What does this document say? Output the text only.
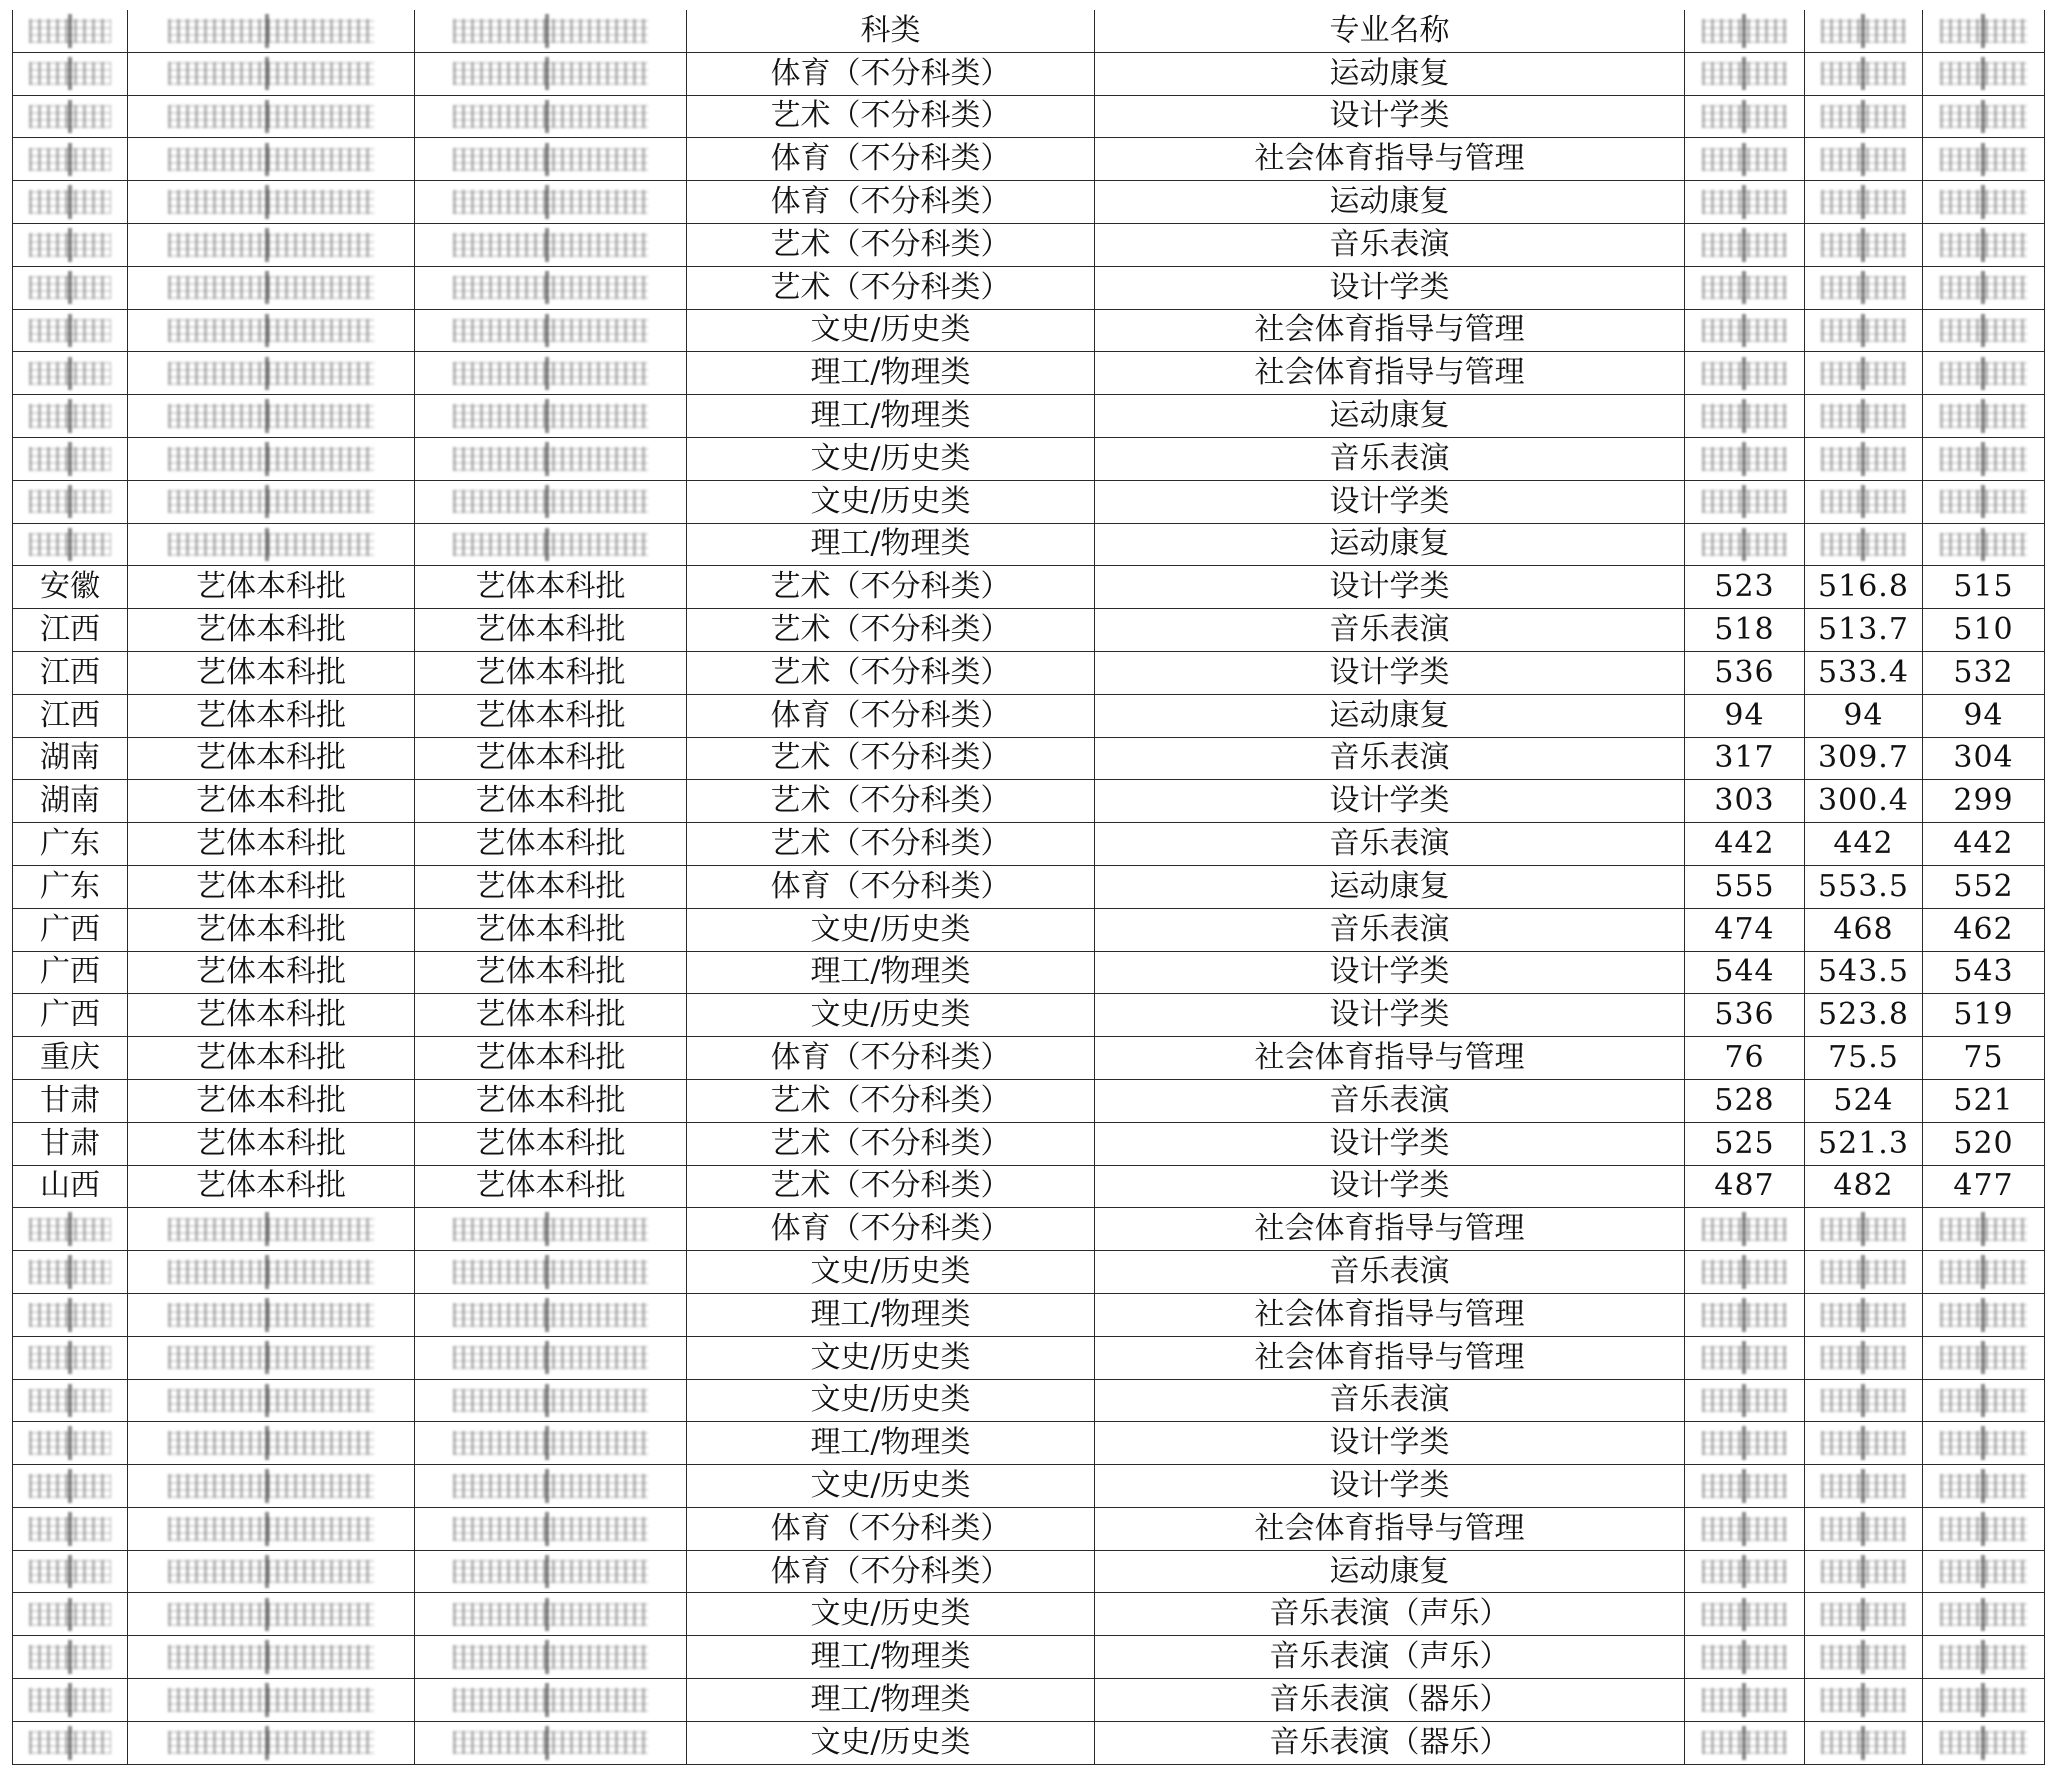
			科类	专业名称			
			体育（不分科类）	运动康复			
			艺术（不分科类）	设计学类			
			体育（不分科类）	社会体育指导与管理			
			体育（不分科类）	运动康复			
			艺术（不分科类）	音乐表演			
			艺术（不分科类）	设计学类			
			文史/历史类	社会体育指导与管理			
			理工/物理类	社会体育指导与管理			
			理工/物理类	运动康复			
			文史/历史类	音乐表演			
			文史/历史类	设计学类			
			理工/物理类	运动康复			
安徽	艺体本科批	艺体本科批	艺术（不分科类）	设计学类	523	516.8	515
江西	艺体本科批	艺体本科批	艺术（不分科类）	音乐表演	518	513.7	510
江西	艺体本科批	艺体本科批	艺术（不分科类）	设计学类	536	533.4	532
江西	艺体本科批	艺体本科批	体育（不分科类）	运动康复	94	94	94
湖南	艺体本科批	艺体本科批	艺术（不分科类）	音乐表演	317	309.7	304
湖南	艺体本科批	艺体本科批	艺术（不分科类）	设计学类	303	300.4	299
广东	艺体本科批	艺体本科批	艺术（不分科类）	音乐表演	442	442	442
广东	艺体本科批	艺体本科批	体育（不分科类）	运动康复	555	553.5	552
广西	艺体本科批	艺体本科批	文史/历史类	音乐表演	474	468	462
广西	艺体本科批	艺体本科批	理工/物理类	设计学类	544	543.5	543
广西	艺体本科批	艺体本科批	文史/历史类	设计学类	536	523.8	519
重庆	艺体本科批	艺体本科批	体育（不分科类）	社会体育指导与管理	76	75.5	75
甘肃	艺体本科批	艺体本科批	艺术（不分科类）	音乐表演	528	524	521
甘肃	艺体本科批	艺体本科批	艺术（不分科类）	设计学类	525	521.3	520
山西	艺体本科批	艺体本科批	艺术（不分科类）	设计学类	487	482	477
			体育（不分科类）	社会体育指导与管理			
			文史/历史类	音乐表演			
			理工/物理类	社会体育指导与管理			
			文史/历史类	社会体育指导与管理			
			文史/历史类	音乐表演			
			理工/物理类	设计学类			
			文史/历史类	设计学类			
			体育（不分科类）	社会体育指导与管理			
			体育（不分科类）	运动康复			
			文史/历史类	音乐表演（声乐）			
			理工/物理类	音乐表演（声乐）			
			理工/物理类	音乐表演（器乐）			
			文史/历史类	音乐表演（器乐）			
